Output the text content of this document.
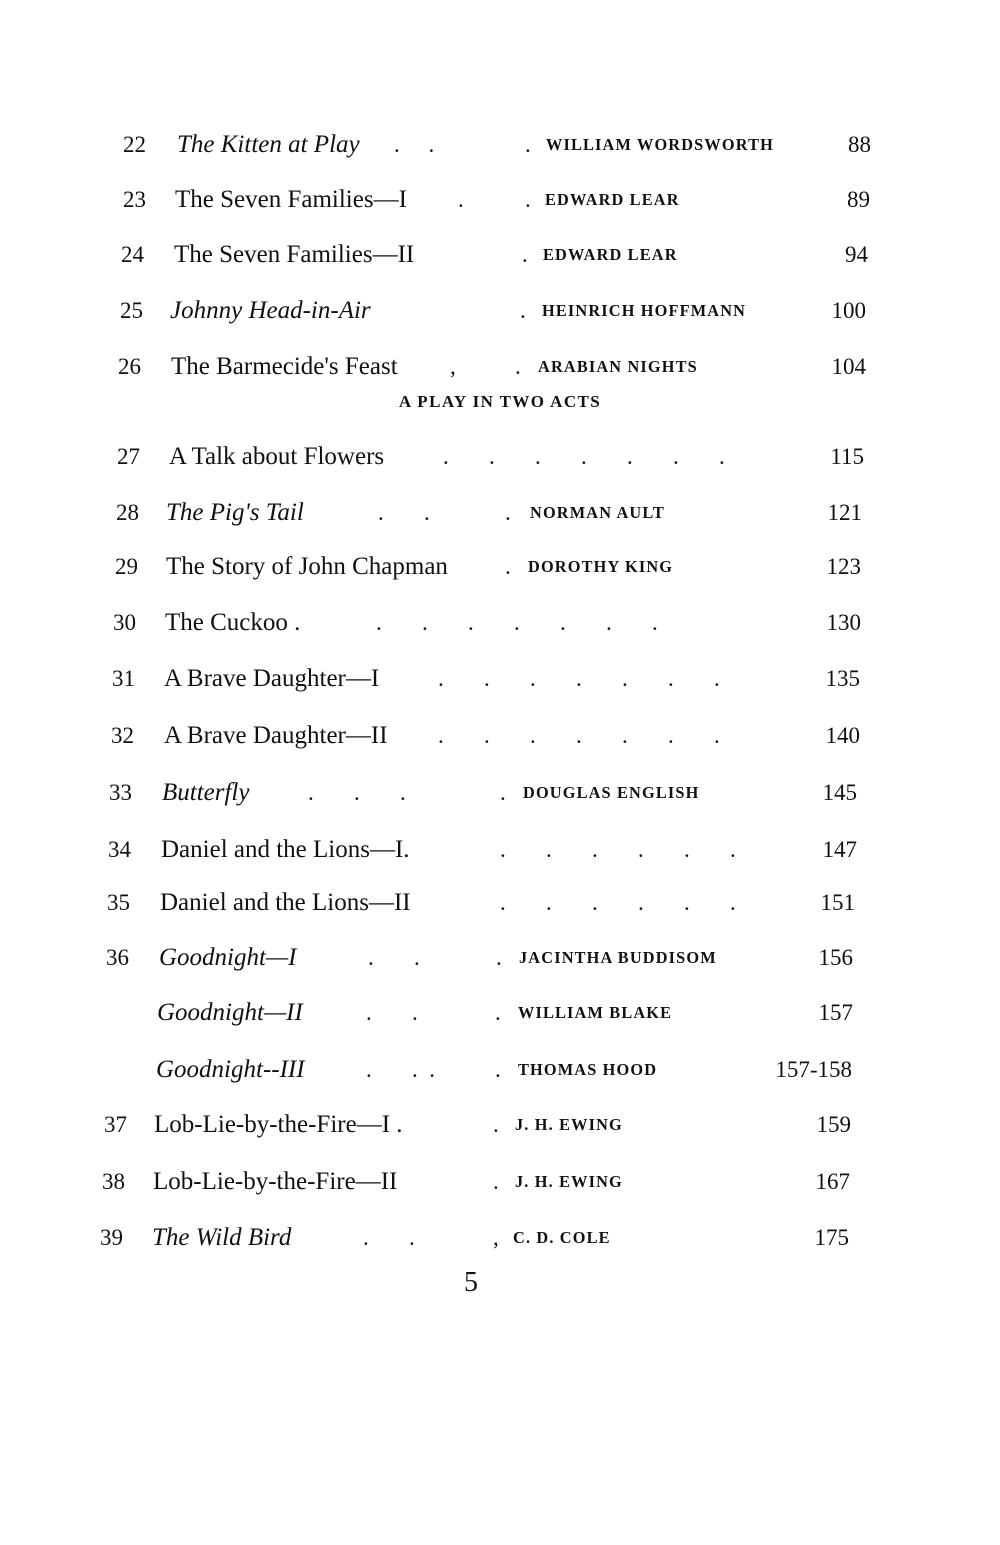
22 The Kitten at Play .     .	. WILLIAM WORDSWORTH	88
23 The Seven Families—I .	. EDWARD LEAR	89
24 The Seven Families—II	. EDWARD LEAR	94
25 Johnny Head-in-Air	. HEINRICH HOFFMANN	100
26 The Barmecide's Feast ,	. ARABIAN NIGHTS	104
27 A Talk about Flowers	.       .       .       .       .       .       .	115
28 The Pig's Tail	.       .	. NORMAN AULT	121
29 The Story of John Chapman . DOROTHY KING	123
30 The Cuckoo .	.       .       .       .       .       .       .	130
31 A Brave Daughter—I	.       .       .       .       .       .       .	135
32 A Brave Daughter—II .       .       .       .       .       .       .	140
33 Butterfly	.       .       .	. DOUGLAS ENGLISH	145
34 Daniel and the Lions—I.	.       .       .       .       .       .	147
35 Daniel and the Lions—II	.       .       .       .       .       .	151
36 Goodnight—I	.       .	. JACINTHA BUDDISOM	156
Goodnight—II	.       .	. WILLIAM BLAKE	157
Goodnight--III	.       .  .	. THOMAS HOOD	157-158
37 Lob-Lie-by-the-Fire—I .	. J. H. EWING	159
38 Lob-Lie-by-the-Fire—II	. J. H. EWING	167
39 The Wild Bird	.       .	, C. D. COLE	175
A PLAY IN TWO ACTS
5
